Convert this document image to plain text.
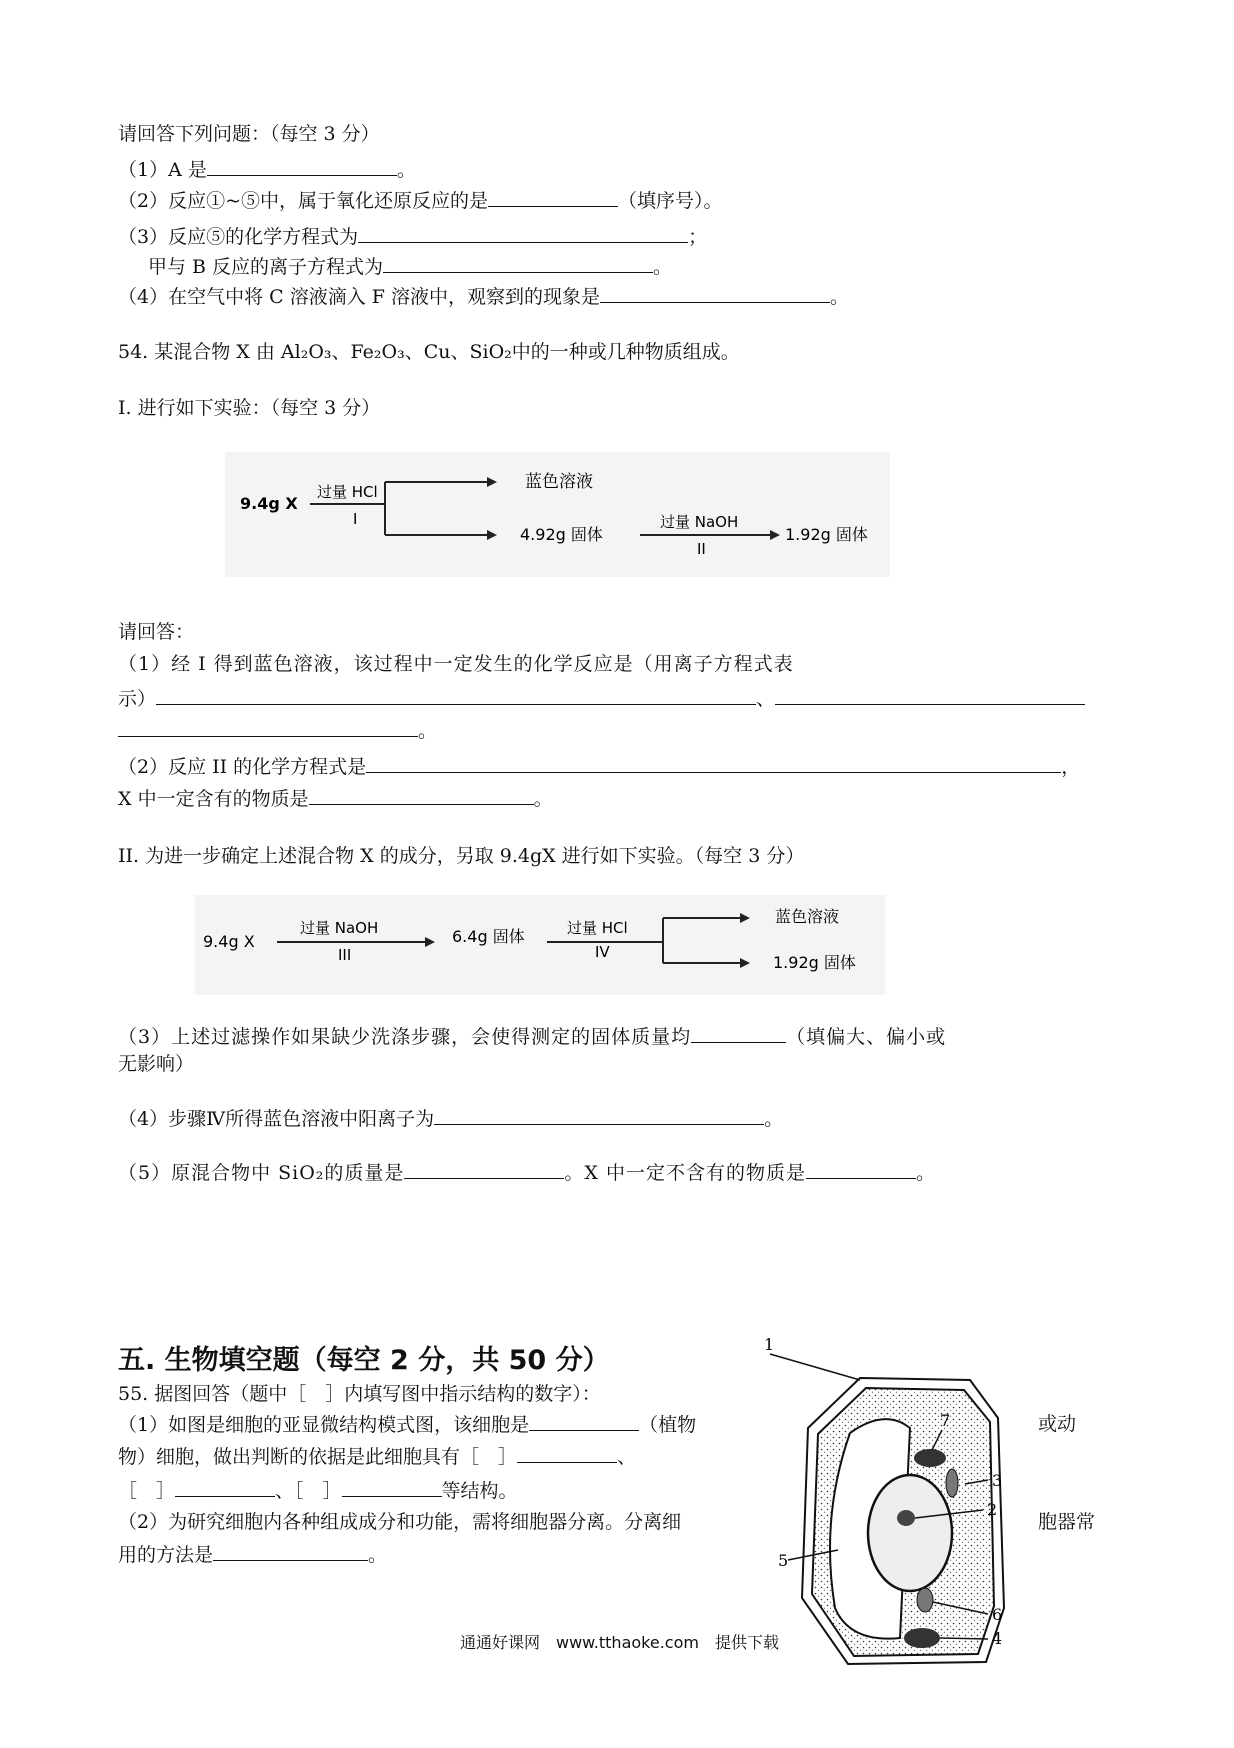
请回答下列问题：（每空 3 分）
（1）A 是	。
（2）反应①~⑤中，属于氧化还原反应的是	（填序号）。
（3）反应⑤的化学方程式为	；
甲与 B 反应的离子方程式为	。
（4）在空气中将 C 溶液滴入 F 溶液中，观察到的现象是	。
54. 某混合物 X 由 Al₂O₃、Fe₂O₃、Cu、SiO₂中的一种或几种物质组成。
I. 进行如下实验：（每空 3 分）
9.4g X
过量 HCl
I
蓝色溶液
4.92g 固体
过量 NaOH
II
1.92g 固体
请回答：
（1）经 I 得到蓝色溶液，该过程中一定发生的化学反应是（用离子方程式表
示）	、
。
（2）反应 II 的化学方程式是	，
X 中一定含有的物质是	。
II. 为进一步确定上述混合物 X 的成分，另取 9.4gX 进行如下实验。（每空 3 分）
9.4g X
过量 NaOH
III
6.4g 固体	过量 HCl
IV
蓝色溶液
1.92g 固体
（3）上述过滤操作如果缺少洗涤步骤，会使得测定的固体质量均	（填偏大、偏小或
无影响）
（4）步骤Ⅳ所得蓝色溶液中阳离子为	。
（5）原混合物中 SiO₂的质量是	。X 中一定不含有的物质是	。
五. 生物填空题（每空 2 分，共 50 分）
55. 据图回答（题中［　］内填写图中指示结构的数字）：
（1）如图是细胞的亚显微结构模式图，该细胞是	（植物	或动
物）细胞，做出判断的依据是此细胞具有［　］	、
［　］	、［　］	等结构。
（2）为研究细胞内各种组成成分和功能，需将细胞器分离。分离细	胞器常
用的方法是	。
1
7
3
2
5
6
4
通通好课网　www.tthaoke.com　提供下载
